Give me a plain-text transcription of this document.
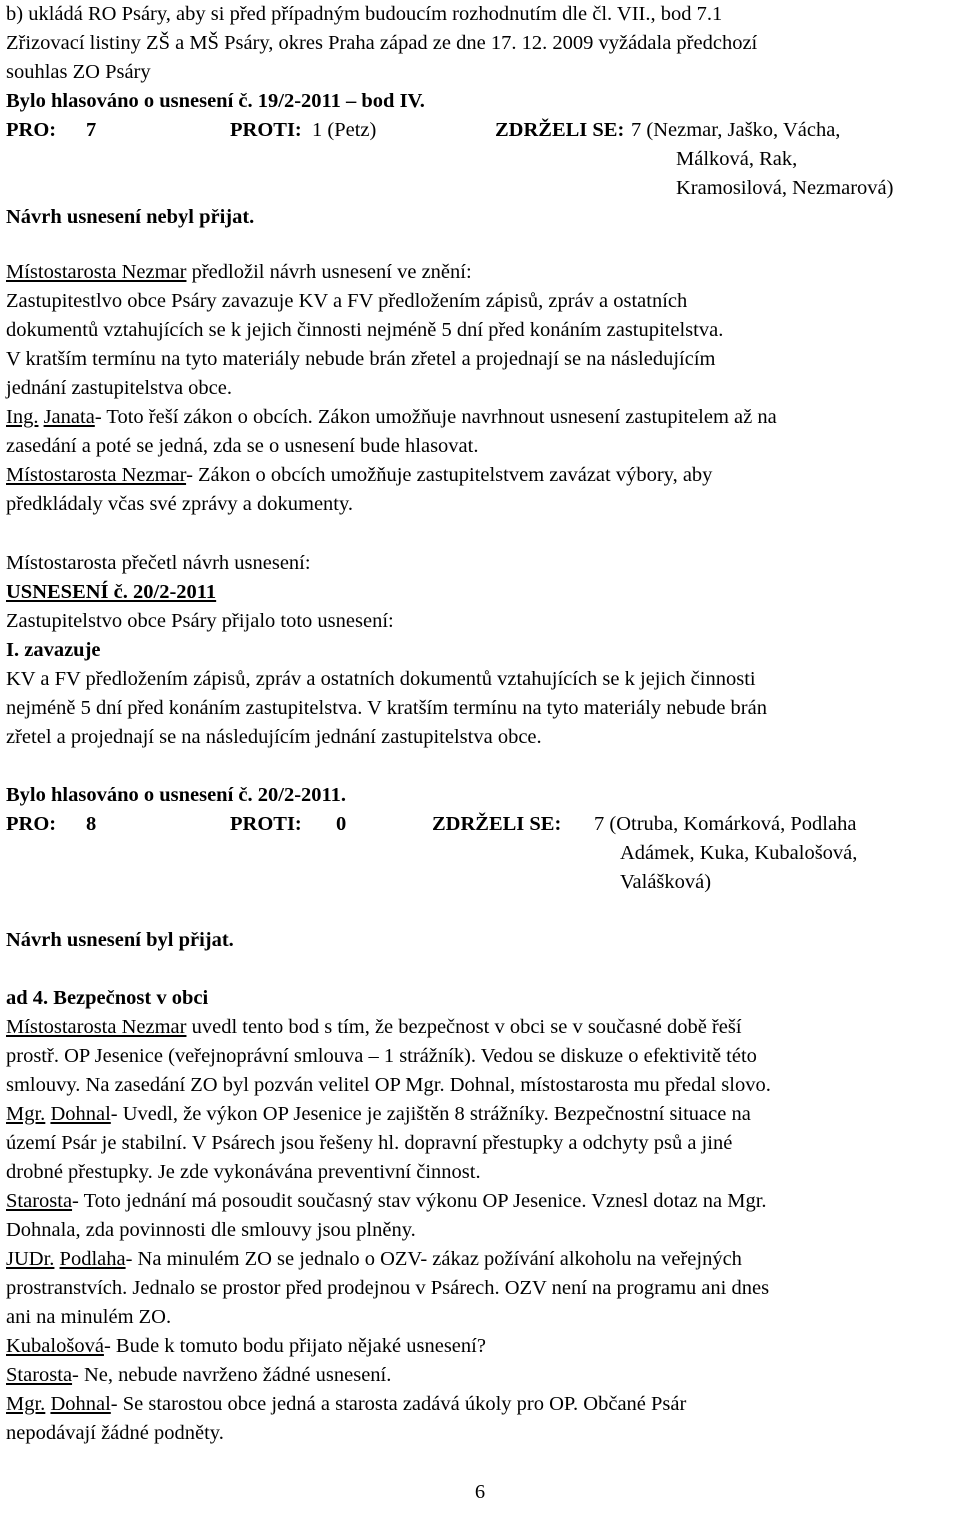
b) ukládá RO Psáry, aby si před případným budoucím rozhodnutím dle čl. VII., bod 7.1
Zřizovací listiny ZŠ a MŠ Psáry, okres Praha západ ze dne 17. 12. 2009 vyžádala předchozí
souhlas ZO Psáry
Bylo hlasováno o usnesení č. 19/2-2011 – bod IV.
PRO: 7	PROTI: 1 (Petz)	ZDRŽELI SE: 7 (Nezmar, Jaško, Vácha,
Málková, Rak,
Kramosilová, Nezmarová)
Návrh usnesení nebyl přijat.
Místostarosta Nezmar předložil návrh usnesení ve znění:
Zastupitestlvo obce Psáry zavazuje KV a FV předložením zápisů, zpráv a ostatních
dokumentů vztahujících se k jejich činnosti nejméně 5 dní před konáním zastupitelstva.
V kratším termínu na tyto materiály nebude brán zřetel a projednají se na následujícím
jednání zastupitelstva obce.
Ing. Janata- Toto řeší zákon o obcích. Zákon umožňuje navrhnout usnesení zastupitelem až na
zasedání a poté se jedná, zda se o usnesení bude hlasovat.
Místostarosta Nezmar- Zákon o obcích umožňuje zastupitelstvem zavázat výbory, aby
předkládaly včas své zprávy a dokumenty.
Místostarosta přečetl návrh usnesení:
USNESENÍ č. 20/2-2011
Zastupitelstvo obce Psáry přijalo toto usnesení:
I. zavazuje
KV a FV předložením zápisů, zpráv a ostatních dokumentů vztahujících se k jejich činnosti
nejméně 5 dní před konáním zastupitelstva. V kratším termínu na tyto materiály nebude brán
zřetel a projednají se na následujícím jednání zastupitelstva obce.
Bylo hlasováno o usnesení č. 20/2-2011.
PRO: 8	PROTI: 0	ZDRŽELI SE: 7 (Otruba, Komárková, Podlaha
Adámek, Kuka, Kubalošová,
Valášková)
Návrh usnesení byl přijat.
ad 4. Bezpečnost v obci
Místostarosta Nezmar uvedl tento bod s tím, že bezpečnost v obci se v současné době řeší
prostř. OP Jesenice (veřejnoprávní smlouva – 1 strážník). Vedou se diskuze o efektivitě této
smlouvy. Na zasedání ZO byl pozván velitel OP Mgr. Dohnal, místostarosta mu předal slovo.
Mgr. Dohnal- Uvedl, že výkon OP Jesenice je zajištěn 8 strážníky. Bezpečnostní situace na
území Psár je stabilní. V Psárech jsou řešeny hl. dopravní přestupky a odchyty psů a jiné
drobné přestupky. Je zde vykonávána preventivní činnost.
Starosta- Toto jednání má posoudit současný stav výkonu OP Jesenice. Vznesl dotaz na Mgr.
Dohnala, zda povinnosti dle smlouvy jsou plněny.
JUDr. Podlaha- Na minulém ZO se jednalo o OZV- zákaz požívání alkoholu na veřejných
prostranstvích. Jednalo se prostor před prodejnou v Psárech. OZV není na programu ani dnes
ani na minulém ZO.
Kubalošová- Bude k tomuto bodu přijato nějaké usnesení?
Starosta- Ne, nebude navrženo žádné usnesení.
Mgr. Dohnal- Se starostou obce jedná a starosta zadává úkoly pro OP. Občané Psár
nepodávají žádné podněty.
6
